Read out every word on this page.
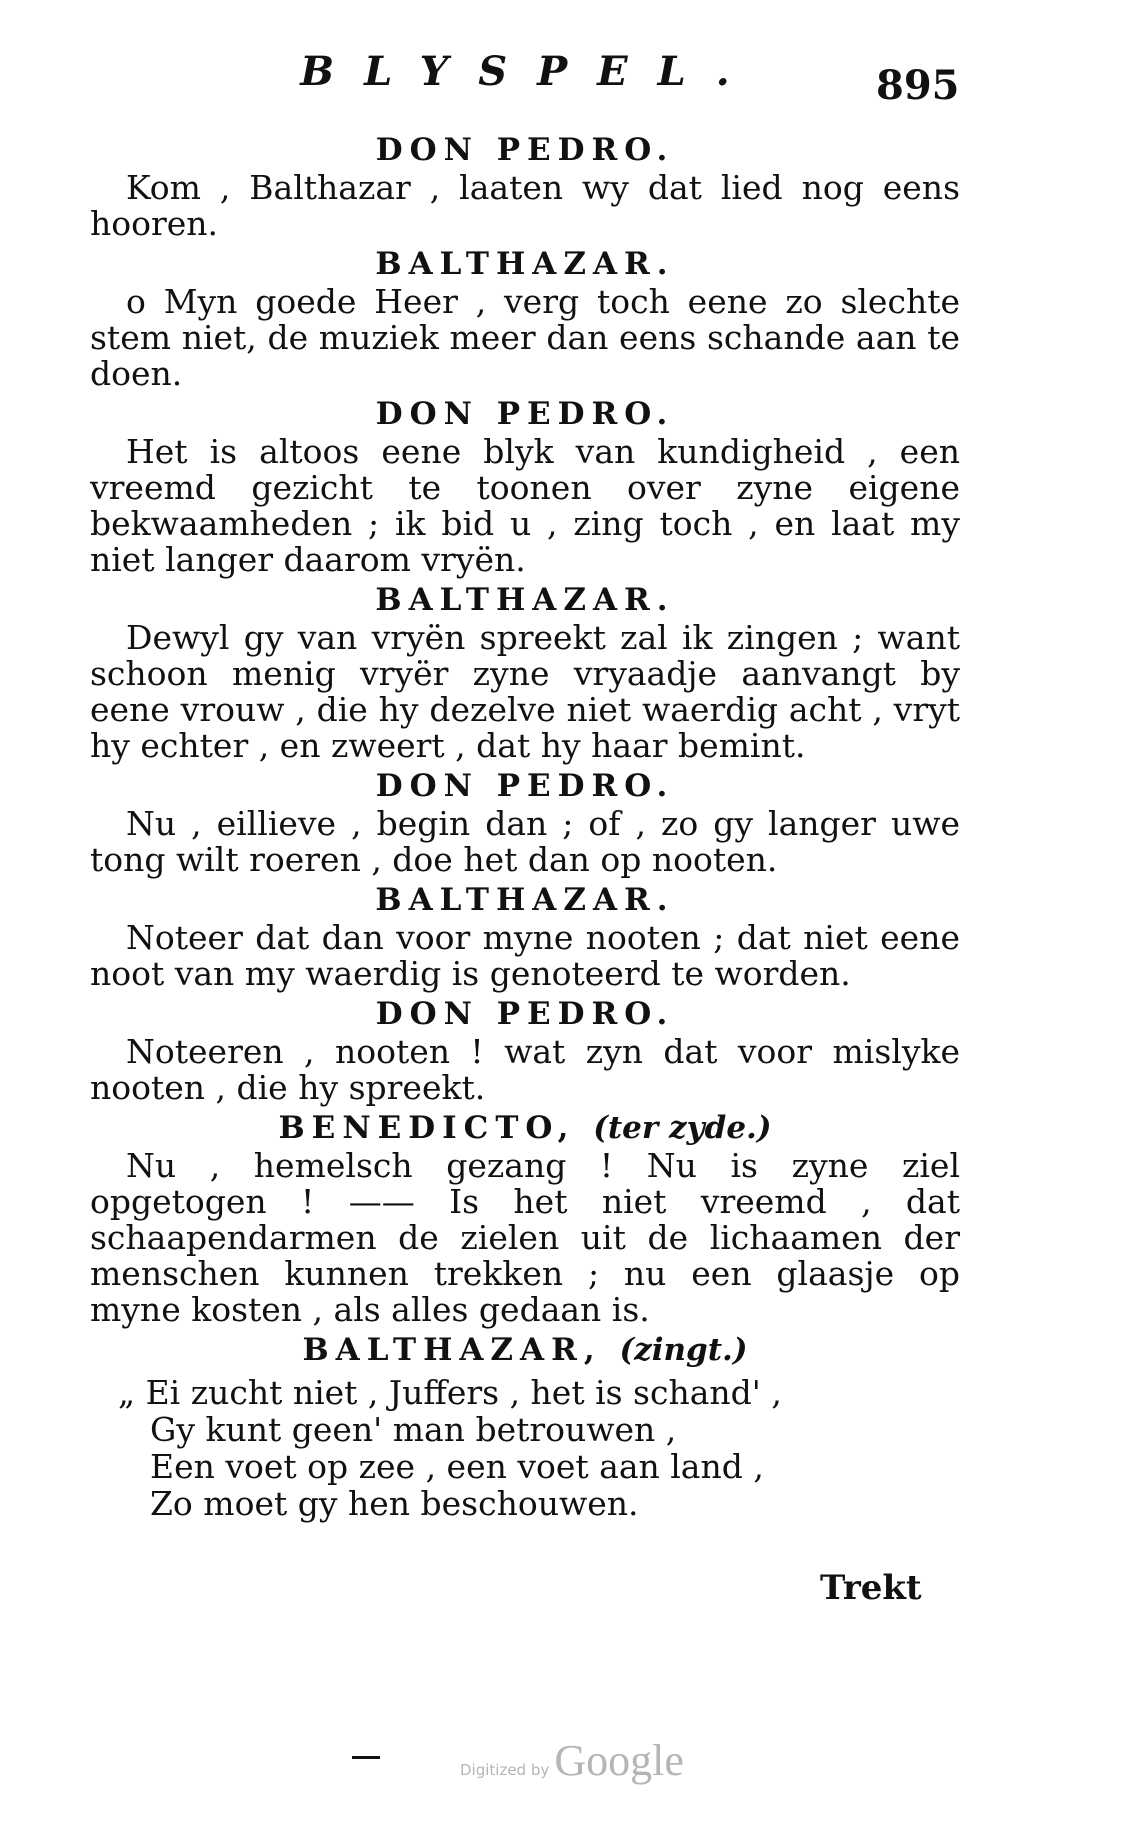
BLYSPEL.	895
DON PEDRO.

Kom , Balthazar , laaten wy dat lied nog eens hooren.

BALTHAZAR.

o Myn goede Heer , verg toch eene zo slechte stem niet, de muziek meer dan eens schande aan te doen.

DON PEDRO.

Het is altoos eene blyk van kundigheid , een vreemd gezicht te toonen over zyne eigene bekwaamheden ; ik bid u , zing toch , en laat my niet langer daarom vryën.

BALTHAZAR.

Dewyl gy van vryën spreekt zal ik zingen ; want schoon menig vryër zyne vryaadje aanvangt by eene vrouw , die hy dezelve niet waerdig acht , vryt hy echter , en zweert , dat hy haar bemint.

DON PEDRO.

Nu , eillieve , begin dan ; of , zo gy langer uwe tong wilt roeren , doe het dan op nooten.

BALTHAZAR.

Noteer dat dan voor myne nooten ; dat niet eene noot van my waerdig is genoteerd te worden.

DON PEDRO.

Noteeren , nooten ! wat zyn dat voor mislyke nooten , die hy spreekt.

BENEDICTO, (ter zyde.)

Nu , hemelsch gezang ! Nu is zyne ziel opgetogen ! —— Is het niet vreemd , dat schaapendarmen de zielen uit de lichaamen der menschen kunnen trekken ; nu een glaasje op myne kosten , als alles gedaan is.

BALTHAZAR, (zingt.)
„ Ei zucht niet , Juffers , het is schand' ,
Gy kunt geen' man betrouwen ,
Een voet op zee , een voet aan land ,
Zo moet gy hen beschouwen.
Trekt
Digitized by Google
